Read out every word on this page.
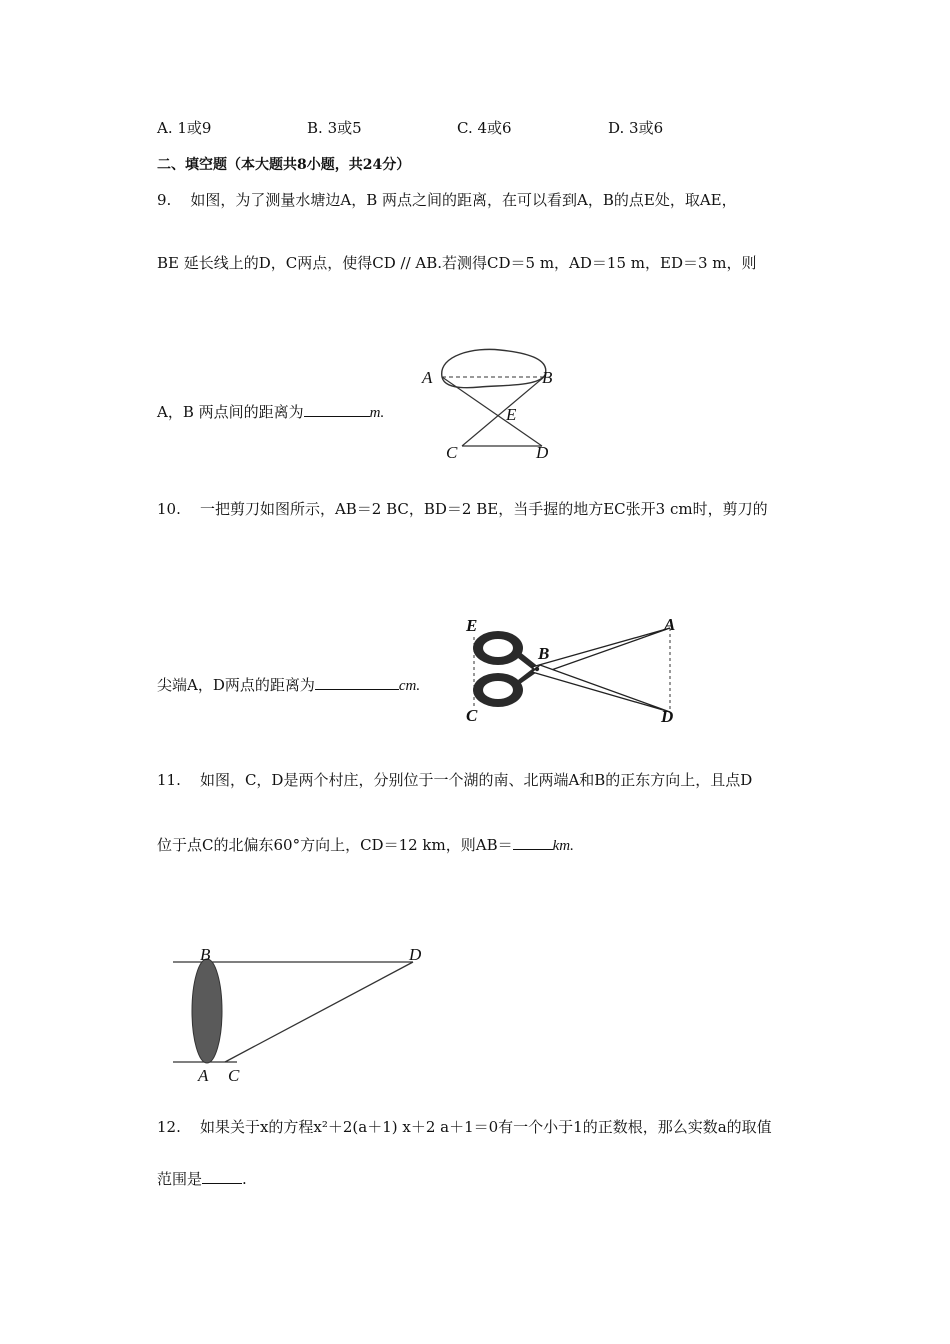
A. 1或9	B. 3或5	C. 4或6	D. 3或6
二、填空题（本大题共8小题，共24分）
9. 如图，为了测量水塘边A，B 两点之间的距离，在可以看到A，B的点E处，取AE，
BE 延长线上的D，C两点，使得CD // AB.若测得CD＝5 m，AD＝15 m，ED＝3 m，则
A，B 两点间的距离为	m.
A	B
E
C	D
10. 一把剪刀如图所示，AB＝2 BC，BD＝2 BE，当手握的地方EC张开3 cm时，剪刀的
尖端A，D两点的距离为	cm.
E
B
A
C	D
11. 如图，C，D是两个村庄，分别位于一个湖的南、北两端A和B的正东方向上，且点D
位于点C的北偏东60°方向上，CD＝12 km，则AB＝	km.
B	D
A C
12. 如果关于x的方程x²＋2(a＋1) x＋2 a＋1＝0有一个小于1的正数根，那么实数a的取值
范围是	.
